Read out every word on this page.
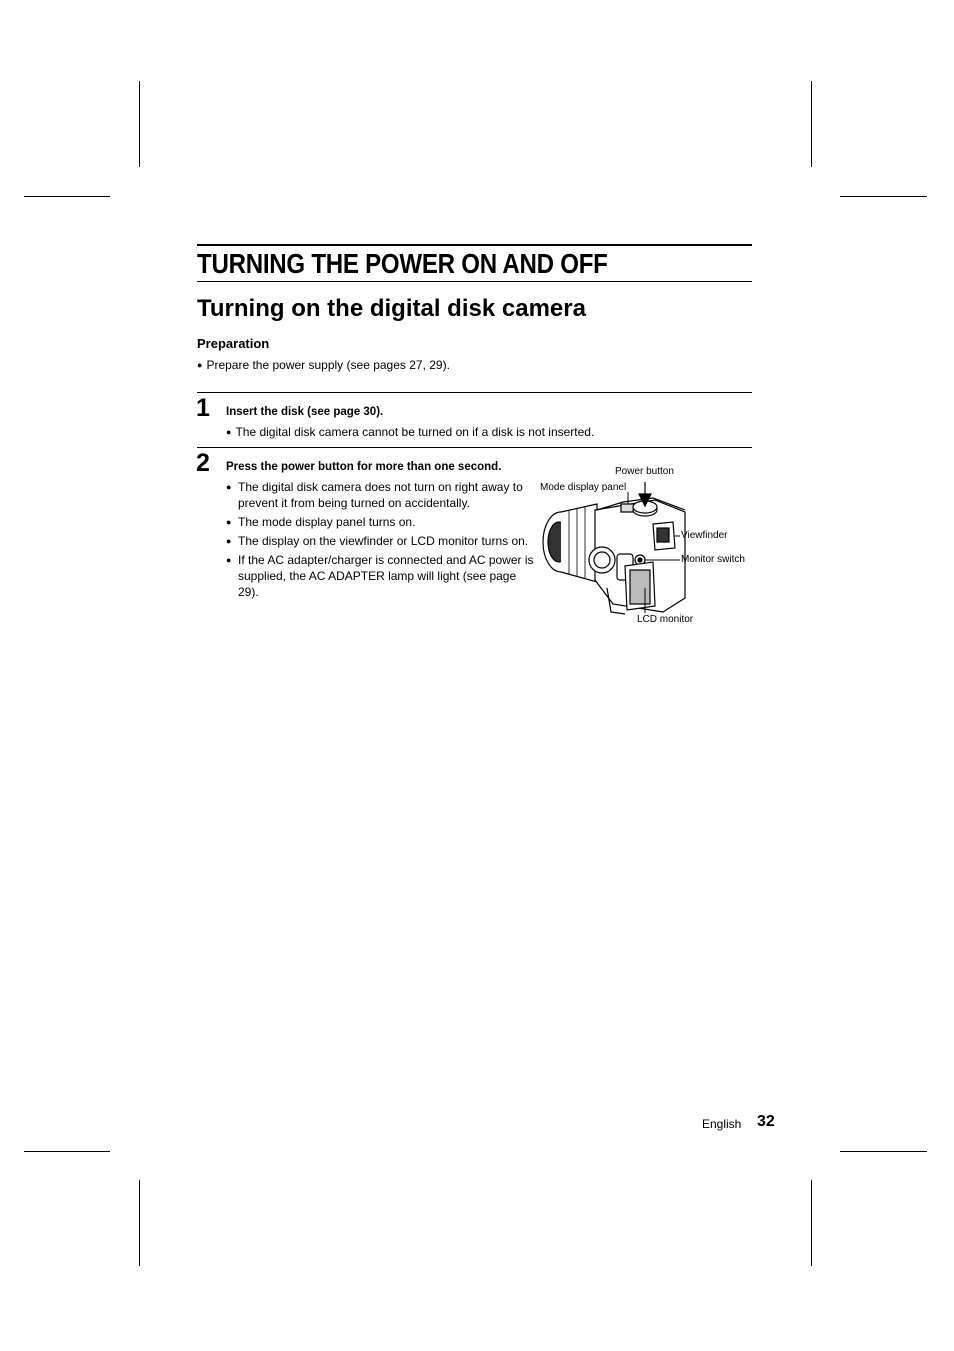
TURNING THE POWER ON AND OFF
Turning on the digital disk camera
Preparation
● Prepare the power supply (see pages 27, 29).
1 Insert the disk (see page 30).
● The digital disk camera cannot be turned on if a disk is not inserted.
2 Press the power button for more than one second.
● The digital disk camera does not turn on right away to prevent it from being turned on accidentally.
● The mode display panel turns on.
● The display on the viewfinder or LCD monitor turns on.
● If the AC adapter/charger is connected and AC power is supplied, the AC ADAPTER lamp will light (see page 29).
Power button
Mode display panel
Viewfinder
Monitor switch
LCD monitor
English 32
